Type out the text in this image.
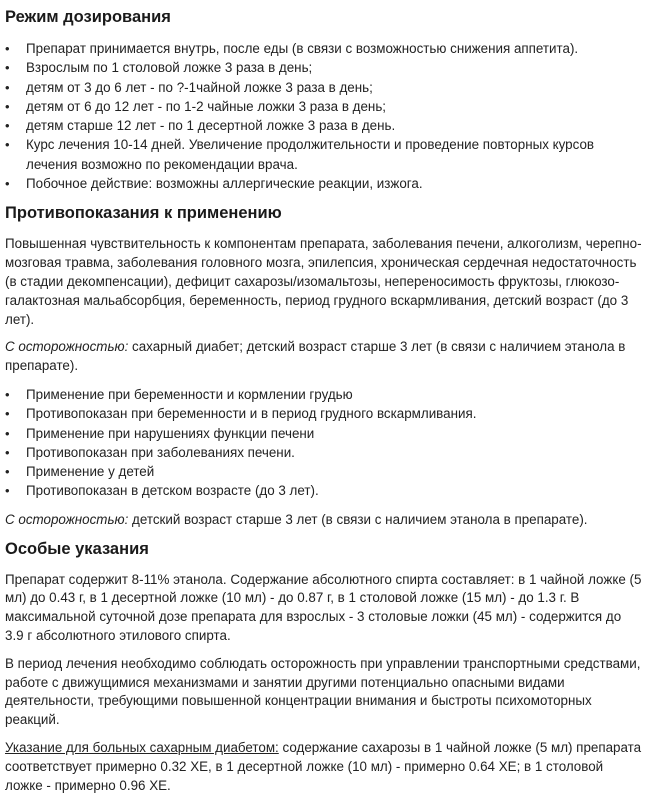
Режим дозирования
• Препарат принимается внутрь, после еды (в связи с возможностью снижения аппетита).
• Взрослым по 1 столовой ложке 3 раза в день;
• детям от 3 до 6 лет - по ?-1чайной ложке 3 раза в день;
• детям от 6 до 12 лет - по 1-2 чайные ложки 3 раза в день;
• детям старше 12 лет - по 1 десертной ложке 3 раза в день.
• Курс лечения 10-14 дней. Увеличение продолжительности и проведение повторных курсов лечения возможно по рекомендации врача.
• Побочное действие: возможны аллергические реакции, изжога.
Противопоказания к применению

Повышенная чувствительность к компонентам препарата, заболевания печени, алкоголизм, черепно-мозговая травма, заболевания головного мозга, эпилепсия, хроническая сердечная недостаточность (в стадии декомпенсации), дефицит сахарозы/изомальтозы, непереносимость фруктозы, глюкозо-галактозная мальабсорбция, беременность, период грудного вскармливания, детский возраст (до 3 лет).

С осторожностью: сахарный диабет; детский возраст старше 3 лет (в связи с наличием этанола в препарате).

• Применение при беременности и кормлении грудью
• Противопоказан при беременности и в период грудного вскармливания.
• Применение при нарушениях функции печени
• Противопоказан при заболеваниях печени.
• Применение у детей
• Противопоказан в детском возрасте (до 3 лет).

С осторожностью: детский возраст старше 3 лет (в связи с наличием этанола в препарате).

Особые указания

Препарат содержит 8-11% этанола. Содержание абсолютного спирта составляет: в 1 чайной ложке (5 мл) до 0.43 г, в 1 десертной ложке (10 мл) - до 0.87 г, в 1 столовой ложке (15 мл) - до 1.3 г. В максимальной суточной дозе препарата для взрослых - 3 столовые ложки (45 мл) - содержится до 3.9 г абсолютного этилового спирта.

В период лечения необходимо соблюдать осторожность при управлении транспортными средствами, работе с движущимися механизмами и занятии другими потенциально опасными видами деятельности, требующими повышенной концентрации внимания и быстроты психомоторных реакций.

Указание для больных сахарным диабетом: содержание сахарозы в 1 чайной ложке (5 мл) препарата соответствует примерно 0.32 ХЕ, в 1 десертной ложке (10 мл) - примерно 0.64 ХЕ; в 1 столовой ложке - примерно 0.96 ХЕ.
